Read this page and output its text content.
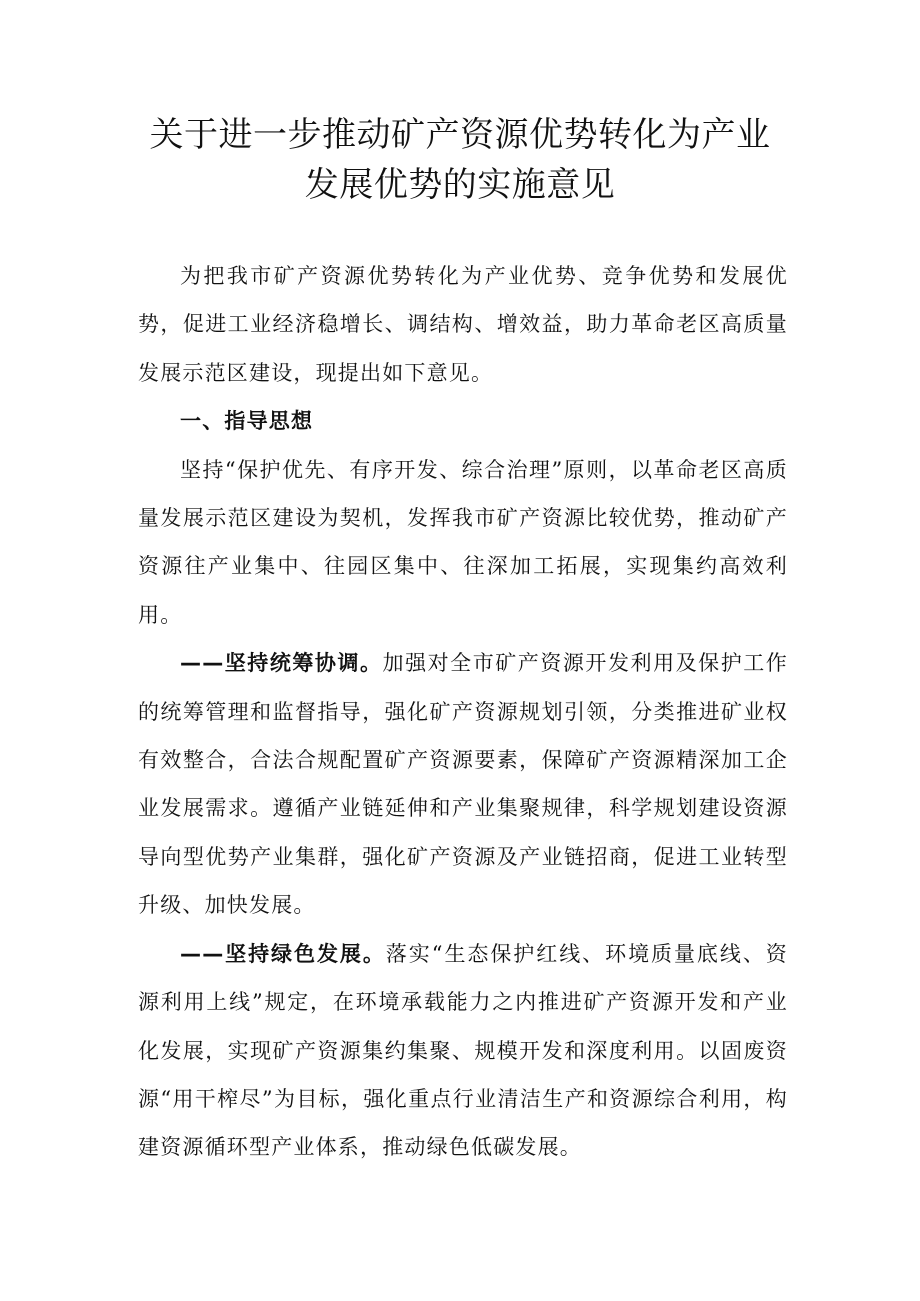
关于进一步推动矿产资源优势转化为产业
发展优势的实施意见

为把我市矿产资源优势转化为产业优势、竞争优势和发展优势，促进工业经济稳增长、调结构、增效益，助力革命老区高质量发展示范区建设，现提出如下意见。

一、指导思想

坚持“保护优先、有序开发、综合治理”原则，以革命老区高质量发展示范区建设为契机，发挥我市矿产资源比较优势，推动矿产资源往产业集中、往园区集中、往深加工拓展，实现集约高效利用。

——坚持统筹协调。加强对全市矿产资源开发利用及保护工作的统筹管理和监督指导，强化矿产资源规划引领，分类推进矿业权有效整合，合法合规配置矿产资源要素，保障矿产资源精深加工企业发展需求。遵循产业链延伸和产业集聚规律，科学规划建设资源导向型优势产业集群，强化矿产资源及产业链招商，促进工业转型升级、加快发展。

——坚持绿色发展。落实“生态保护红线、环境质量底线、资源利用上线”规定，在环境承载能力之内推进矿产资源开发和产业化发展，实现矿产资源集约集聚、规模开发和深度利用。以固废资源“用干榨尽”为目标，强化重点行业清洁生产和资源综合利用，构建资源循环型产业体系，推动绿色低碳发展。
